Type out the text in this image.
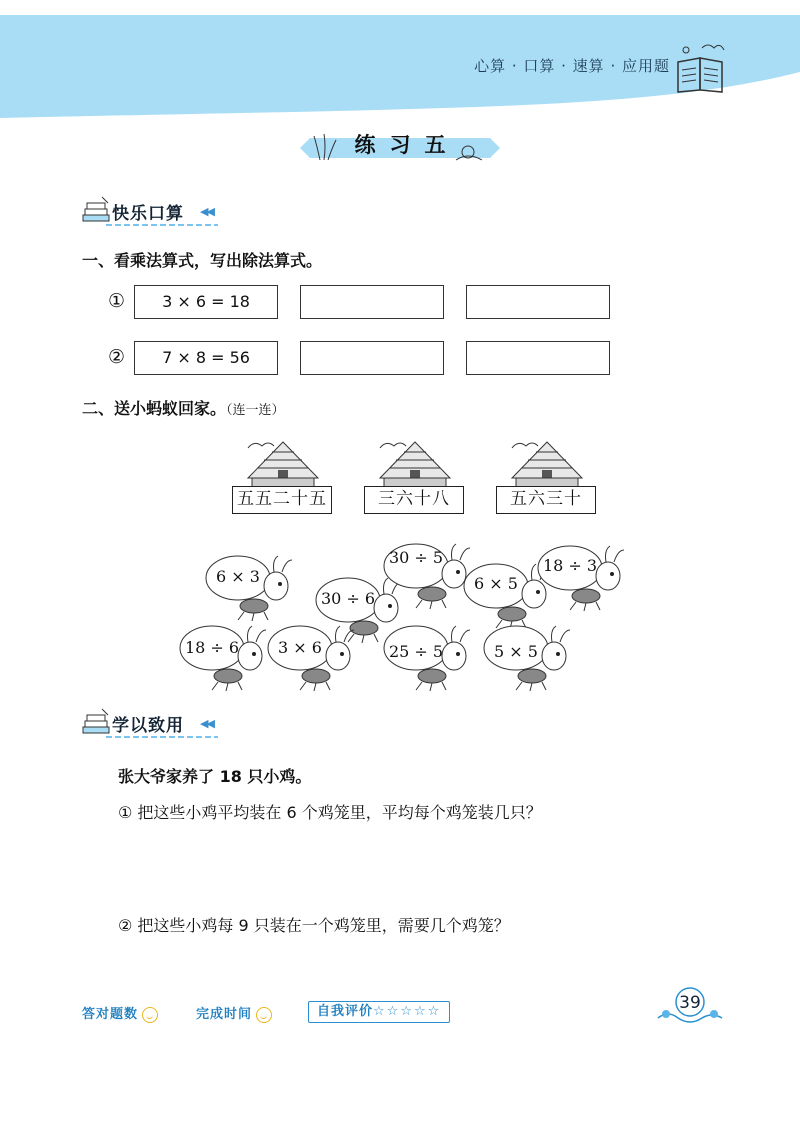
心算 · 口算 · 速算 · 应用题
练习五
快乐口算 ◀◀
一、看乘法算式，写出除法算式。
①	3 × 6 = 18
②	7 × 8 = 56
二、送小蚂蚁回家。（连一连）
五五二十五	三六十八	五六三十
6 × 3
30 ÷ 6
30 ÷ 5
6 × 5
18 ÷ 3
18 ÷ 6	3 × 6	25 ÷ 5	5 × 5
学以致用 ◀◀
张大爷家养了 18 只小鸡。
① 把这些小鸡平均装在 6 个鸡笼里，平均每个鸡笼装几只？
② 把这些小鸡每 9 只装在一个鸡笼里，需要几个鸡笼？
答对题数	完成时间	自我评价☆☆☆☆☆	39
